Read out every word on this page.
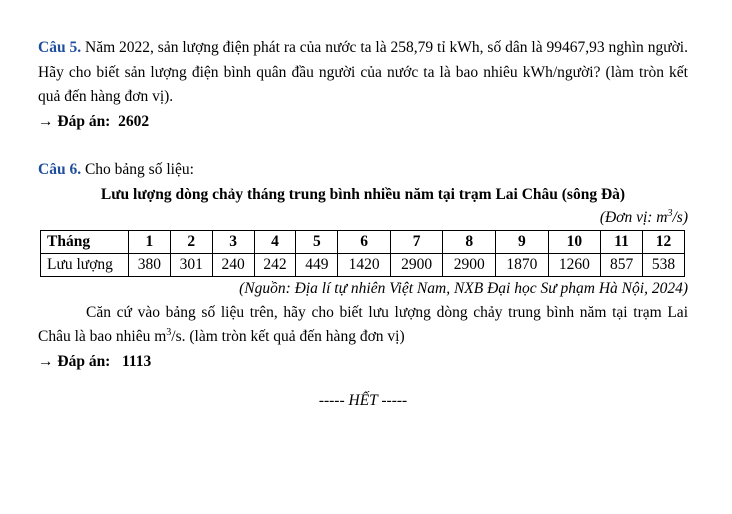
Câu 5. Năm 2022, sản lượng điện phát ra của nước ta là 258,79 tỉ kWh, số dân là 99467,93 nghìn người. Hãy cho biết sản lượng điện bình quân đầu người của nước ta là bao nhiêu kWh/người? (làm tròn kết quả đến hàng đơn vị).

→ Đáp án: 2602

Câu 6. Cho bảng số liệu:

Lưu lượng dòng chảy tháng trung bình nhiều năm tại trạm Lai Châu (sông Đà)

(Đơn vị: $m^3/s$)

Tháng	1	2	3	4	5	6	7	8	9	10	11	12
Lưu lượng	380	301	240	242	449	1420	2900	2900	1870	1260	857	538

(Nguồn: Địa lí tự nhiên Việt Nam, NXB Đại học Sư phạm Hà Nội, 2024)

Căn cứ vào bảng số liệu trên, hãy cho biết lưu lượng dòng chảy trung bình năm tại trạm Lai Châu là bao nhiêu $m^3/s$. (làm tròn kết quả đến hàng đơn vị)

→ Đáp án: 1113

----- HẾT -----
